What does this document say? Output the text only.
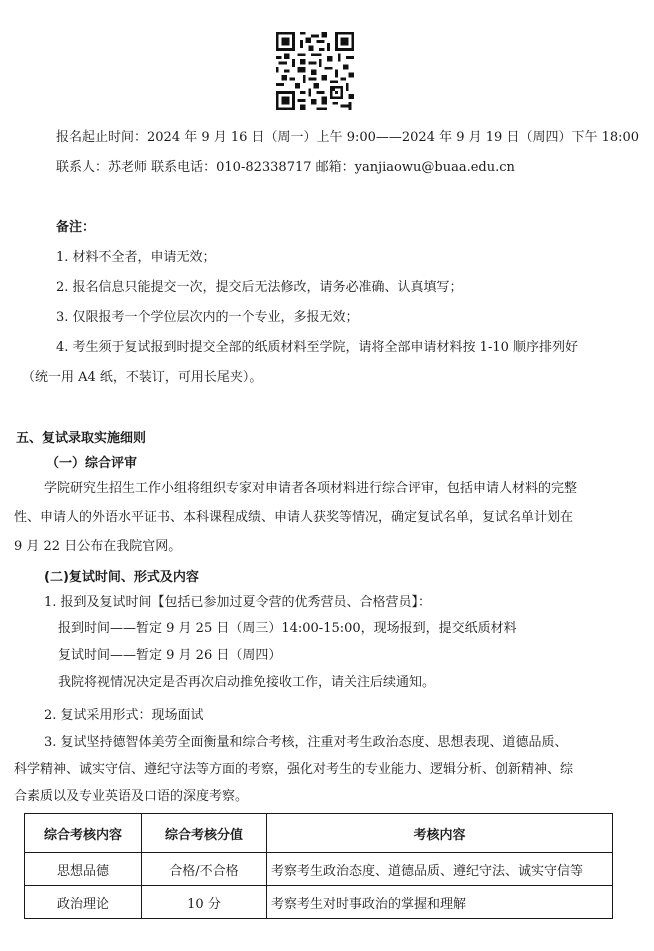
报名起止时间：2024 年 9 月 16 日（周一）上午 9:00——2024 年 9 月 19 日（周四）下午 18:00
联系人：苏老师 联系电话：010-82338717 邮箱：yanjiaowu@buaa.edu.cn
备注：
1. 材料不全者，申请无效；
2. 报名信息只能提交一次，提交后无法修改，请务必准确、认真填写；
3. 仅限报考一个学位层次内的一个专业，多报无效；
4. 考生须于复试报到时提交全部的纸质材料至学院，请将全部申请材料按 1-10 顺序排列好
（统一用 A4 纸，不装订，可用长尾夹）。
五、复试录取实施细则
（一）综合评审
学院研究生招生工作小组将组织专家对申请者各项材料进行综合评审，包括申请人材料的完整
性、申请人的外语水平证书、本科课程成绩、申请人获奖等情况，确定复试名单，复试名单计划在
9 月 22 日公布在我院官网。
(二)复试时间、形式及内容
1. 报到及复试时间【包括已参加过夏令营的优秀营员、合格营员】：
报到时间——暂定 9 月 25 日（周三）14:00-15:00，现场报到，提交纸质材料
复试时间——暂定 9 月 26 日（周四）
我院将视情况决定是否再次启动推免接收工作，请关注后续通知。
2. 复试采用形式：现场面试
3. 复试坚持德智体美劳全面衡量和综合考核，注重对考生政治态度、思想表现、道德品质、
科学精神、诚实守信、遵纪守法等方面的考察，强化对考生的专业能力、逻辑分析、创新精神、综
合素质以及专业英语及口语的深度考察。
综合考核内容	综合考核分值	考核内容
思想品德	合格/不合格	考察考生政治态度、道德品质、遵纪守法、诚实守信等
政治理论	10 分	考察考生对时事政治的掌握和理解
